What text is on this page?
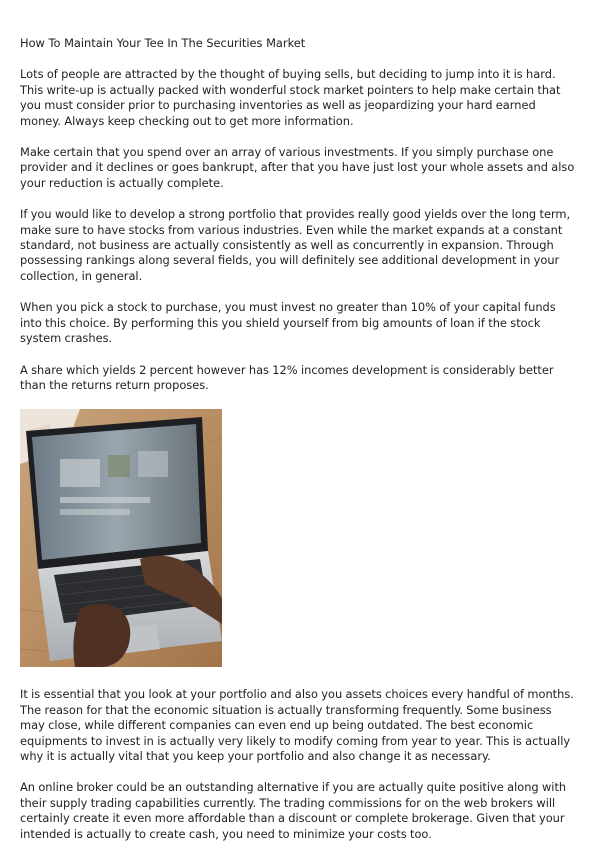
How To Maintain Your Tee In The Securities Market

Lots of people are attracted by the thought of buying sells, but deciding to jump into it is hard. This write-up is actually packed with wonderful stock market pointers to help make certain that you must consider prior to purchasing inventories as well as jeopardizing your hard earned money. Always keep checking out to get more information.

Make certain that you spend over an array of various investments. If you simply purchase one provider and it declines or goes bankrupt, after that you have just lost your whole assets and also your reduction is actually complete.

If you would like to develop a strong portfolio that provides really good yields over the long term, make sure to have stocks from various industries. Even while the market expands at a constant standard, not business are actually consistently as well as concurrently in expansion. Through possessing rankings along several fields, you will definitely see additional development in your collection, in general.

When you pick a stock to purchase, you must invest no greater than 10% of your capital funds into this choice. By performing this you shield yourself from big amounts of loan if the stock system crashes.

A share which yields 2 percent however has 12% incomes development is considerably better than the returns return proposes.

It is essential that you look at your portfolio and also you assets choices every handful of months. The reason for that the economic situation is actually transforming frequently. Some business may close, while different companies can even end up being outdated. The best economic equipments to invest in is actually very likely to modify coming from year to year. This is actually why it is actually vital that you keep your portfolio and also change it as necessary.

An online broker could be an outstanding alternative if you are actually quite positive along with their supply trading capabilities currently. The trading commissions for on the web brokers will certainly create it even more affordable than a discount or complete brokerage. Given that your intended is actually to create cash, you need to minimize your costs too.
